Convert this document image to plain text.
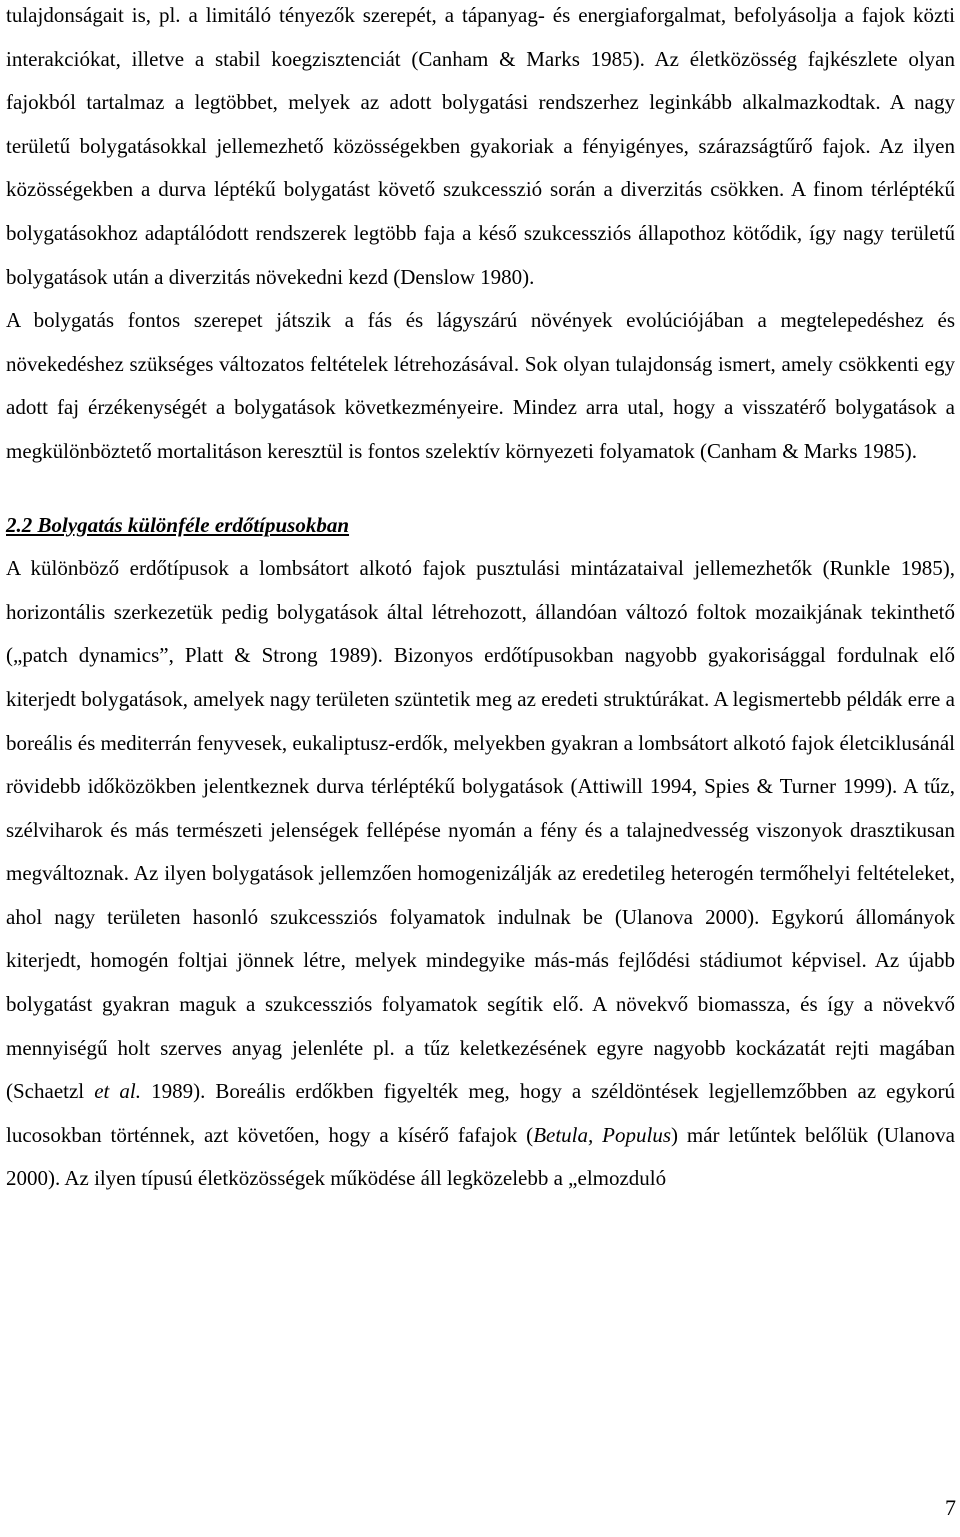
tulajdonságait is, pl. a limitáló tényezők szerepét, a tápanyag- és energiaforgalmat, befolyásolja a fajok közti interakciókat, illetve a stabil koegzisztenciát (Canham & Marks 1985). Az életközösség fajkészlete olyan fajokból tartalmaz a legtöbbet, melyek az adott bolygatási rendszerhez leginkább alkalmazkodtak. A nagy területű bolygatásokkal jellemezhető közösségekben gyakoriak a fényigényes, szárazságtűrő fajok. Az ilyen közösségekben a durva léptékű bolygatást követő szukcesszió során a diverzitás csökken. A finom térléptékű bolygatásokhoz adaptálódott rendszerek legtöbb faja a késő szukcessziós állapothoz kötődik, így nagy területű bolygatások után a diverzitás növekedni kezd (Denslow 1980).

A bolygatás fontos szerepet játszik a fás és lágyszárú növények evolúciójában a megtelepedéshez és növekedéshez szükséges változatos feltételek létrehozásával. Sok olyan tulajdonság ismert, amely csökkenti egy adott faj érzékenységét a bolygatások következményeire. Mindez arra utal, hogy a visszatérő bolygatások a megkülönböztető mortalitáson keresztül is fontos szelektív környezeti folyamatok (Canham & Marks 1985).

2.2 Bolygatás különféle erdőtípusokban

A különböző erdőtípusok a lombsátort alkotó fajok pusztulási mintázataival jellemezhetők (Runkle 1985), horizontális szerkezetük pedig bolygatások által létrehozott, állandóan változó foltok mozaikjának tekinthető („patch dynamics”, Platt & Strong 1989). Bizonyos erdőtípusokban nagyobb gyakorisággal fordulnak elő kiterjedt bolygatások, amelyek nagy területen szüntetik meg az eredeti struktúrákat. A legismertebb példák erre a boreális és mediterrán fenyvesek, eukaliptusz-erdők, melyekben gyakran a lombsátort alkotó fajok életciklusánál rövidebb időközökben jelentkeznek durva térléptékű bolygatások (Attiwill 1994, Spies & Turner 1999). A tűz, szélviharok és más természeti jelenségek fellépése nyomán a fény és a talajnedvesség viszonyok drasztikusan megváltoznak. Az ilyen bolygatások jellemzően homogenizálják az eredetileg heterogén termőhelyi feltételeket, ahol nagy területen hasonló szukcessziós folyamatok indulnak be (Ulanova 2000). Egykorú állományok kiterjedt, homogén foltjai jönnek létre, melyek mindegyike más-más fejlődési stádiumot képvisel. Az újabb bolygatást gyakran maguk a szukcessziós folyamatok segítik elő. A növekvő biomassza, és így a növekvő mennyiségű holt szerves anyag jelenléte pl. a tűz keletkezésének egyre nagyobb kockázatát rejti magában (Schaetzl et al. 1989). Boreális erdőkben figyelték meg, hogy a széldöntések legjellemzőbben az egykorú lucosokban történnek, azt követően, hogy a kísérő fafajok (Betula, Populus) már letűntek belőlük (Ulanova 2000). Az ilyen típusú életközösségek működése áll legközelebb a „elmozduló

7
